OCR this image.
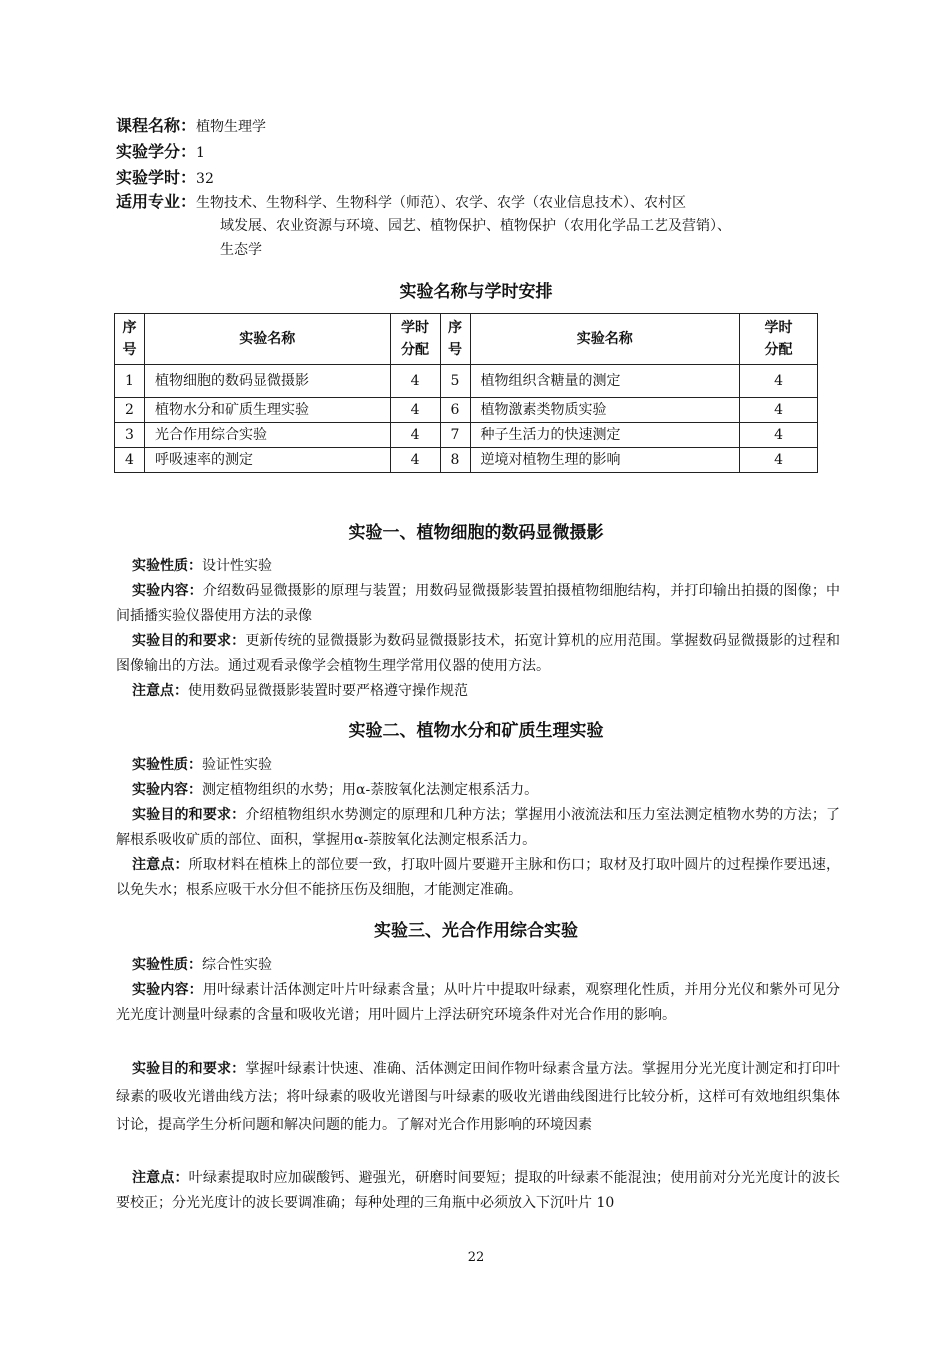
课程名称：植物生理学
实验学分：1
实验学时：32
适用专业：生物技术、生物科学、生物科学（师范）、农学、农学（农业信息技术）、农村区
域发展、农业资源与环境、园艺、植物保护、植物保护（农用化学品工艺及营销）、
生态学
实验名称与学时安排
序号	实验名称	学时分配	序号	实验名称	学时分配
1	植物细胞的数码显微摄影	4	5	植物组织含糖量的测定	4
2	植物水分和矿质生理实验	4	6	植物激素类物质实验	4
3	光合作用综合实验	4	7	种子生活力的快速测定	4
4	呼吸速率的测定	4	8	逆境对植物生理的影响	4
实验一、植物细胞的数码显微摄影
实验性质：设计性实验
实验内容：介绍数码显微摄影的原理与装置；用数码显微摄影装置拍摄植物细胞结构，并打印输出拍摄的图像；中间插播实验仪器使用方法的录像
实验目的和要求：更新传统的显微摄影为数码显微摄影技术，拓宽计算机的应用范围。掌握数码显微摄影的过程和图像输出的方法。通过观看录像学会植物生理学常用仪器的使用方法。
注意点：使用数码显微摄影装置时要严格遵守操作规范
实验二、植物水分和矿质生理实验
实验性质：验证性实验
实验内容：测定植物组织的水势；用α-萘胺氧化法测定根系活力。
实验目的和要求：介绍植物组织水势测定的原理和几种方法；掌握用小液流法和压力室法测定植物水势的方法；了解根系吸收矿质的部位、面积，掌握用α-萘胺氧化法测定根系活力。
注意点：所取材料在植株上的部位要一致，打取叶圆片要避开主脉和伤口；取材及打取叶圆片的过程操作要迅速，以免失水；根系应吸干水分但不能挤压伤及细胞，才能测定准确。
实验三、光合作用综合实验
实验性质：综合性实验
实验内容：用叶绿素计活体测定叶片叶绿素含量；从叶片中提取叶绿素，观察理化性质，并用分光仪和紫外可见分光光度计测量叶绿素的含量和吸收光谱；用叶圆片上浮法研究环境条件对光合作用的影响。
实验目的和要求：掌握叶绿素计快速、准确、活体测定田间作物叶绿素含量方法。掌握用分光光度计测定和打印叶绿素的吸收光谱曲线方法；将叶绿素的吸收光谱图与叶绿素的吸收光谱曲线图进行比较分析，这样可有效地组织集体讨论，提高学生分析问题和解决问题的能力。了解对光合作用影响的环境因素
注意点：叶绿素提取时应加碳酸钙、避强光，研磨时间要短；提取的叶绿素不能混浊；使用前对分光光度计的波长要校正；分光光度计的波长要调准确；每种处理的三角瓶中必须放入下沉叶片 10
22
